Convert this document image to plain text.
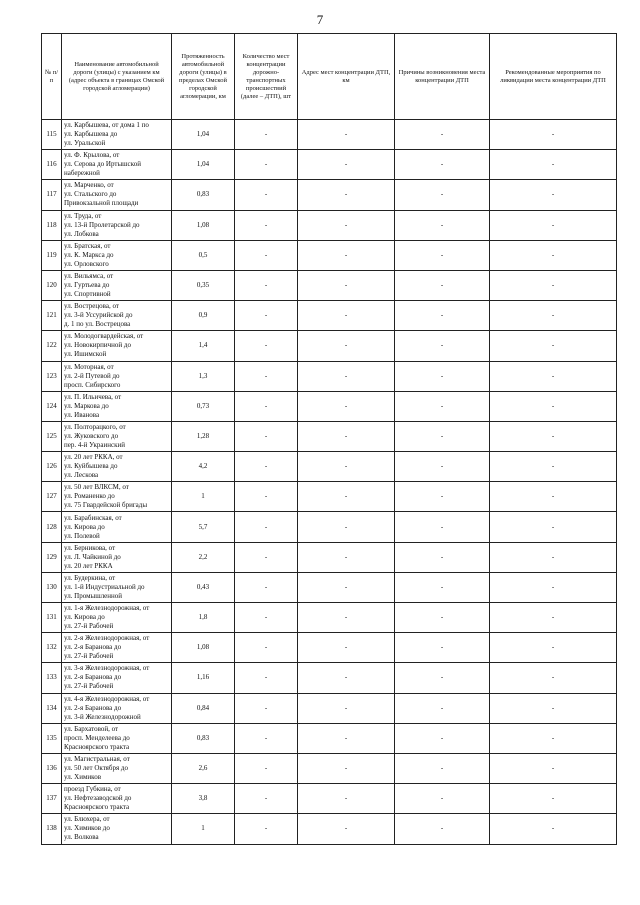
7
№ п/п	Наименование автомобильной дороги (улицы) с указанием км (адрес объекта в границах Омской городской агломерации)	Протяженность автомобильной дороги (улицы) в пределах Омской городской агломерации, км	Количество мест концентрации дорожно-транспортных происшествий (далее – ДТП), шт	Адрес мест концентрации ДТП, км	Причины возникновения места концентрации ДТП	Рекомендованные мероприятия по ликвидации места концентрации ДТП
115	ул. Карбышева, от дома 1 по
ул. Карбышева до
ул. Уральской	1,04	-	-	-	-
116	ул. Ф. Крылова, от
ул. Серова до Иртышской
набережной	1,04	-	-	-	-
117	ул. Марченко, от
ул. Стальского до
Привокзальной площади	0,83	-	-	-	-
118	ул. Труда, от
ул. 13-й Пролетарской до
ул. Лобкова	1,08	-	-	-	-
119	ул. Братская, от
ул. К. Маркса до
ул. Орловского	0,5	-	-	-	-
120	ул. Вильямса, от
ул. Гуртьева до
ул. Спортивной	0,35	-	-	-	-
121	ул. Вострецова, от
ул. 3-й Уссурийской до
д. 1 по ул. Вострецова	0,9	-	-	-	-
122	ул. Молодогвардейская, от
ул. Новокирпичной до
ул. Ишимской	1,4	-	-	-	-
123	ул. Моторная, от
ул. 2-й Путевой до
просп. Сибирского	1,3	-	-	-	-
124	ул. П. Ильичева, от
ул. Маркова до
ул. Иванова	0,73	-	-	-	-
125	ул. Полторацкого, от
ул. Жуковского до
пер. 4-й Украинский	1,28	-	-	-	-
126	ул. 20 лет РККА, от
ул. Куйбышева до
ул. Лескова	4,2	-	-	-	-
127	ул. 50 лет ВЛКСМ, от
ул. Романенко до
ул. 75 Гвардейской бригады	1	-	-	-	-
128	ул. Барабинская, от
ул. Кирова до
ул. Полевой	5,7	-	-	-	-
129	ул. Берникова, от
ул. Л. Чайкиной до
ул. 20 лет РККА	2,2	-	-	-	-
130	ул. Будеркина, от
ул. 1-й Индустриальной до
ул. Промышленной	0,43	-	-	-	-
131	ул. 1-я Железнодорожная, от
ул. Кирова до
ул. 27-й Рабочей	1,8	-	-	-	-
132	ул. 2-я Железнодорожная, от
ул. 2-я Баранова до
ул. 27-й Рабочей	1,08	-	-	-	-
133	ул. 3-я Железнодорожная, от
ул. 2-я Баранова до
ул. 27-й Рабочей	1,16	-	-	-	-
134	ул. 4-я Железнодорожная, от
ул. 2-я Баранова до
ул. 3-й Железнодорожной	0,84	-	-	-	-
135	ул. Бархатовой, от
просп. Менделеева до
Красноярского тракта	0,83	-	-	-	-
136	ул. Магистральная, от
ул. 50 лет Октября до
ул. Химиков	2,6	-	-	-	-
137	проезд Губкина, от
ул. Нефтезаводской до
Красноярского тракта	3,8	-	-	-	-
138	ул. Блюхера, от
ул. Химиков до
ул. Волкова	1	-	-	-	-
